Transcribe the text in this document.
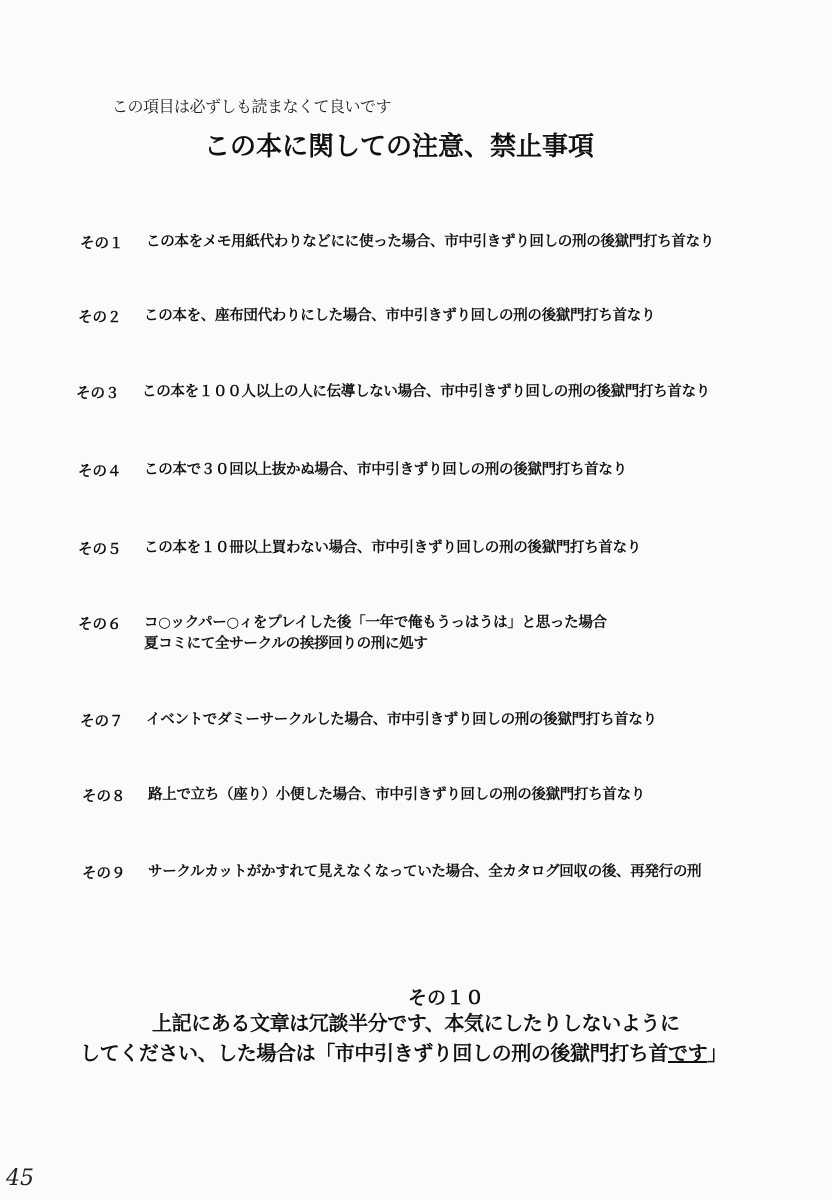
この項目は必ずしも読まなくて良いです
この本に関しての注意、禁止事項
その１	この本をメモ用紙代わりなどにに使った場合、市中引きずり回しの刑の後獄門打ち首なり
その２	この本を、座布団代わりにした場合、市中引きずり回しの刑の後獄門打ち首なり
その３	この本を１００人以上の人に伝導しない場合、市中引きずり回しの刑の後獄門打ち首なり
その４	この本で３０回以上抜かぬ場合、市中引きずり回しの刑の後獄門打ち首なり
その５	この本を１０冊以上買わない場合、市中引きずり回しの刑の後獄門打ち首なり
その６	コ○ックパー○ィをプレイした後「一年で俺もうっはうは」と思った場合
夏コミにて全サークルの挨拶回りの刑に処す
その７	イベントでダミーサークルした場合、市中引きずり回しの刑の後獄門打ち首なり
その８	路上で立ち（座り）小便した場合、市中引きずり回しの刑の後獄門打ち首なり
その９	サークルカットがかすれて見えなくなっていた場合、全カタログ回収の後、再発行の刑
その１０
上記にある文章は冗談半分です、本気にしたりしないように
してください、した場合は「市中引きずり回しの刑の後獄門打ち首です」
45
